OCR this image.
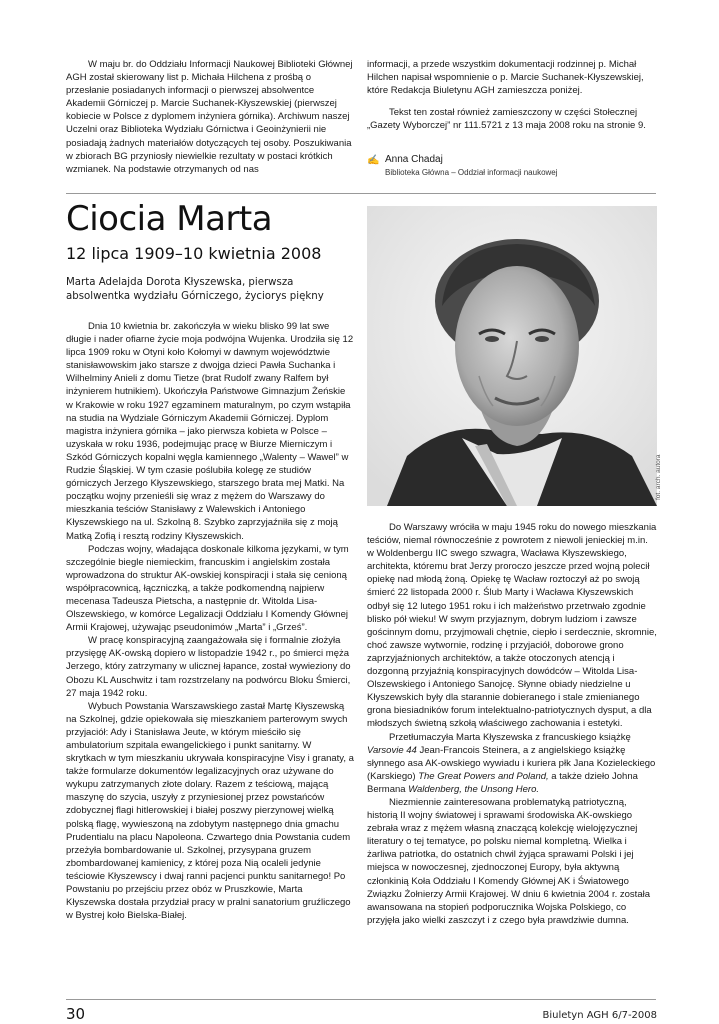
W maju br. do Oddziału Informacji Naukowej Biblioteki Głównej AGH został skierowany list p. Michała Hilchena z prośbą o przesłanie posiadanych informacji o pierwszej absolwentce Akademii Górniczej p. Marcie Suchanek-Kłyszewskiej (pierwszej kobiecie w Polsce z dyplomem inżyniera górnika). Archiwum naszej Uczelni oraz Biblioteka Wydziału Górnictwa i Geoinżynierii nie posiadają żadnych materiałów dotyczących tej osoby. Poszukiwania w zbiorach BG przyniosły niewielkie rezultaty w postaci krótkich wzmianek. Na podstawie otrzymanych od nas

informacji, a przede wszystkim dokumentacji rodzinnej p. Michał Hilchen napisał wspomnienie o p. Marcie Suchanek-Kłyszewskiej, które Redakcja Biuletynu AGH zamieszcza poniżej.

Tekst ten został również zamieszczony w części Stołecznej „Gazety Wyborczej” nr 111.5721 z 13 maja 2008 roku na stronie 9.

✍ Anna Chadaj
Biblioteka Główna – Oddział informacji naukowej
Ciocia Marta
12 lipca 1909–10 kwietnia 2008
Marta Adelajda Dorota Kłyszewska, pierwsza absolwentka wydziału Górniczego, życiorys piękny

Dnia 10 kwietnia br. zakończyła w wieku blisko 99 lat swe długie i nader ofiarne życie moja podwójna Wujenka. Urodziła się 12 lipca 1909 roku w Otyni koło Kołomyi w dawnym województwie stanisławowskim jako starsze z dwojga dzieci Pawła Suchanka i Wilhelminy Anieli z domu Tietze (brat Rudolf zwany Ralfem był inżynierem hutnikiem). Ukończyła Państwowe Gimnazjum Żeńskie w Krakowie w roku 1927 egzaminem maturalnym, po czym wstąpiła na studia na Wydziale Górniczym Akademii Górniczej. Dyplom magistra inżyniera górnika – jako pierwsza kobieta w Polsce – uzyskała w roku 1936, podejmując pracę w Biurze Mierniczym i Szkód Górniczych kopalni węgla kamiennego „Walenty – Wawel” w Rudzie Śląskiej. W tym czasie poślubiła kolegę ze studiów górniczych Jerzego Kłyszewskiego, starszego brata mej Matki. Na początku wojny przenieśli się wraz z mężem do Warszawy do mieszkania teściów Stanisławy z Walewskich i Antoniego Kłyszewskiego na ul. Szkolną 8. Szybko zaprzyjaźniła się z moją Matką Zofią i resztą rodziny Kłyszewskich.

Podczas wojny, władająca doskonale kilkoma językami, w tym szczególnie biegle niemieckim, francuskim i angielskim została wprowadzona do struktur AK-owskiej konspiracji i stała się cenioną współpracownicą, łączniczką, a także podkomendną najpierw mecenasa Tadeusza Pietscha, a następnie dr. Witolda Lisa-Olszewskiego, w komórce Legalizacji Oddziału I Komendy Głównej Armii Krajowej, używając pseudonimów „Marta” i „Grześ”.

W pracę konspiracyjną zaangażowała się i formalnie złożyła przysięgę AK-owską dopiero w listopadzie 1942 r., po śmierci męża Jerzego, który zatrzymany w ulicznej łapance, został wywieziony do Obozu KL Auschwitz i tam rozstrzelany na podwórcu Bloku Śmierci, 27 maja 1942 roku.

Wybuch Powstania Warszawskiego zastał Martę Kłyszewską na Szkolnej, gdzie opiekowała się mieszkaniem parterowym swych przyjaciół: Ady i Stanisława Jeute, w którym mieściło się ambulatorium szpitala ewangelickiego i punkt sanitarny. W skrytkach w tym mieszkaniu ukrywała konspiracyjne Visy i granaty, a także formularze dokumentów legalizacyjnych oraz używane do wykupu zatrzymanych złote dolary. Razem z teściową, mającą maszynę do szycia, uszyły z przyniesionej przez powstańców zdobycznej flagi hitlerowskiej i białej poszwy pierzynowej wielką polską flagę, wywieszoną na zdobytym następnego dnia gmachu Prudentialu na placu Napoleona. Czwartego dnia Powstania cudem przeżyła bombardowanie ul. Szkolnej, przysypana gruzem zbombardowanej kamienicy, z której poza Nią ocaleli jedynie teściowie Kłyszewscy i dwaj ranni pacjenci punktu sanitarnego! Po Powstaniu po przejściu przez obóz w Pruszkowie, Marta Kłyszewska dostała przydział pracy w pralni sanatorium gruźliczego w Bystrej koło Bielska-Białej.

fot. arch. autora

Do Warszawy wróciła w maju 1945 roku do nowego mieszkania teściów, niemal równocześnie z powrotem z niewoli jenieckiej m.in. w Woldenbergu IIC swego szwagra, Wacława Kłyszewskiego, architekta, któremu brat Jerzy proroczo jeszcze przed wojną polecił opiekę nad młodą żoną. Opiekę tę Wacław roztoczył aż po swoją śmierć 22 listopada 2000 r. Ślub Marty i Wacława Kłyszewskich odbył się 12 lutego 1951 roku i ich małżeństwo przetrwało zgodnie blisko pół wieku! W swym przyjaznym, dobrym ludziom i zawsze gościnnym domu, przyjmowali chętnie, ciepło i serdecznie, skromnie, choć zawsze wytwornie, rodzinę i przyjaciół, doborowe grono zaprzyjaźnionych architektów, a także otoczonych atencją i dozgonną przyjaźnią konspiracyjnych dowódców – Witolda Lisa-Olszewskiego i Antoniego Sanojcę. Słynne obiady niedzielne u Kłyszewskich były dla starannie dobieranego i stale zmienianego grona biesiadników forum intelektualno-patriotycznych dysput, a dla młodszych świetną szkołą właściwego zachowania i estetyki.

Przetłumaczyła Marta Kłyszewska z francuskiego książkę Varsovie 44 Jean-Francois Steinera, a z angielskiego książkę słynnego asa AK-owskiego wywiadu i kuriera płk Jana Kozieleckiego (Karskiego) The Great Powers and Poland, a także dzieło Johna Bermana Waldenberg, the Unsong Hero.

Niezmiennie zainteresowana problematyką patriotyczną, historią II wojny światowej i sprawami środowiska AK-owskiego zebrała wraz z mężem własną znaczącą kolekcję wielojęzycznej literatury o tej tematyce, po polsku niemal kompletną. Wielka i żarliwa patriotka, do ostatnich chwil żyjąca sprawami Polski i jej miejsca w nowoczesnej, zjednoczonej Europy, była aktywną członkinią Koła Oddziału I Komendy Głównej AK i Światowego Związku Żołnierzy Armii Krajowej. W dniu 6 kwietnia 2004 r. została awansowana na stopień podporucznika Wojska Polskiego, co przyjęła jako wielki zaszczyt i z czego była prawdziwie dumna.

30	Biuletyn AGH 6/7-2008
